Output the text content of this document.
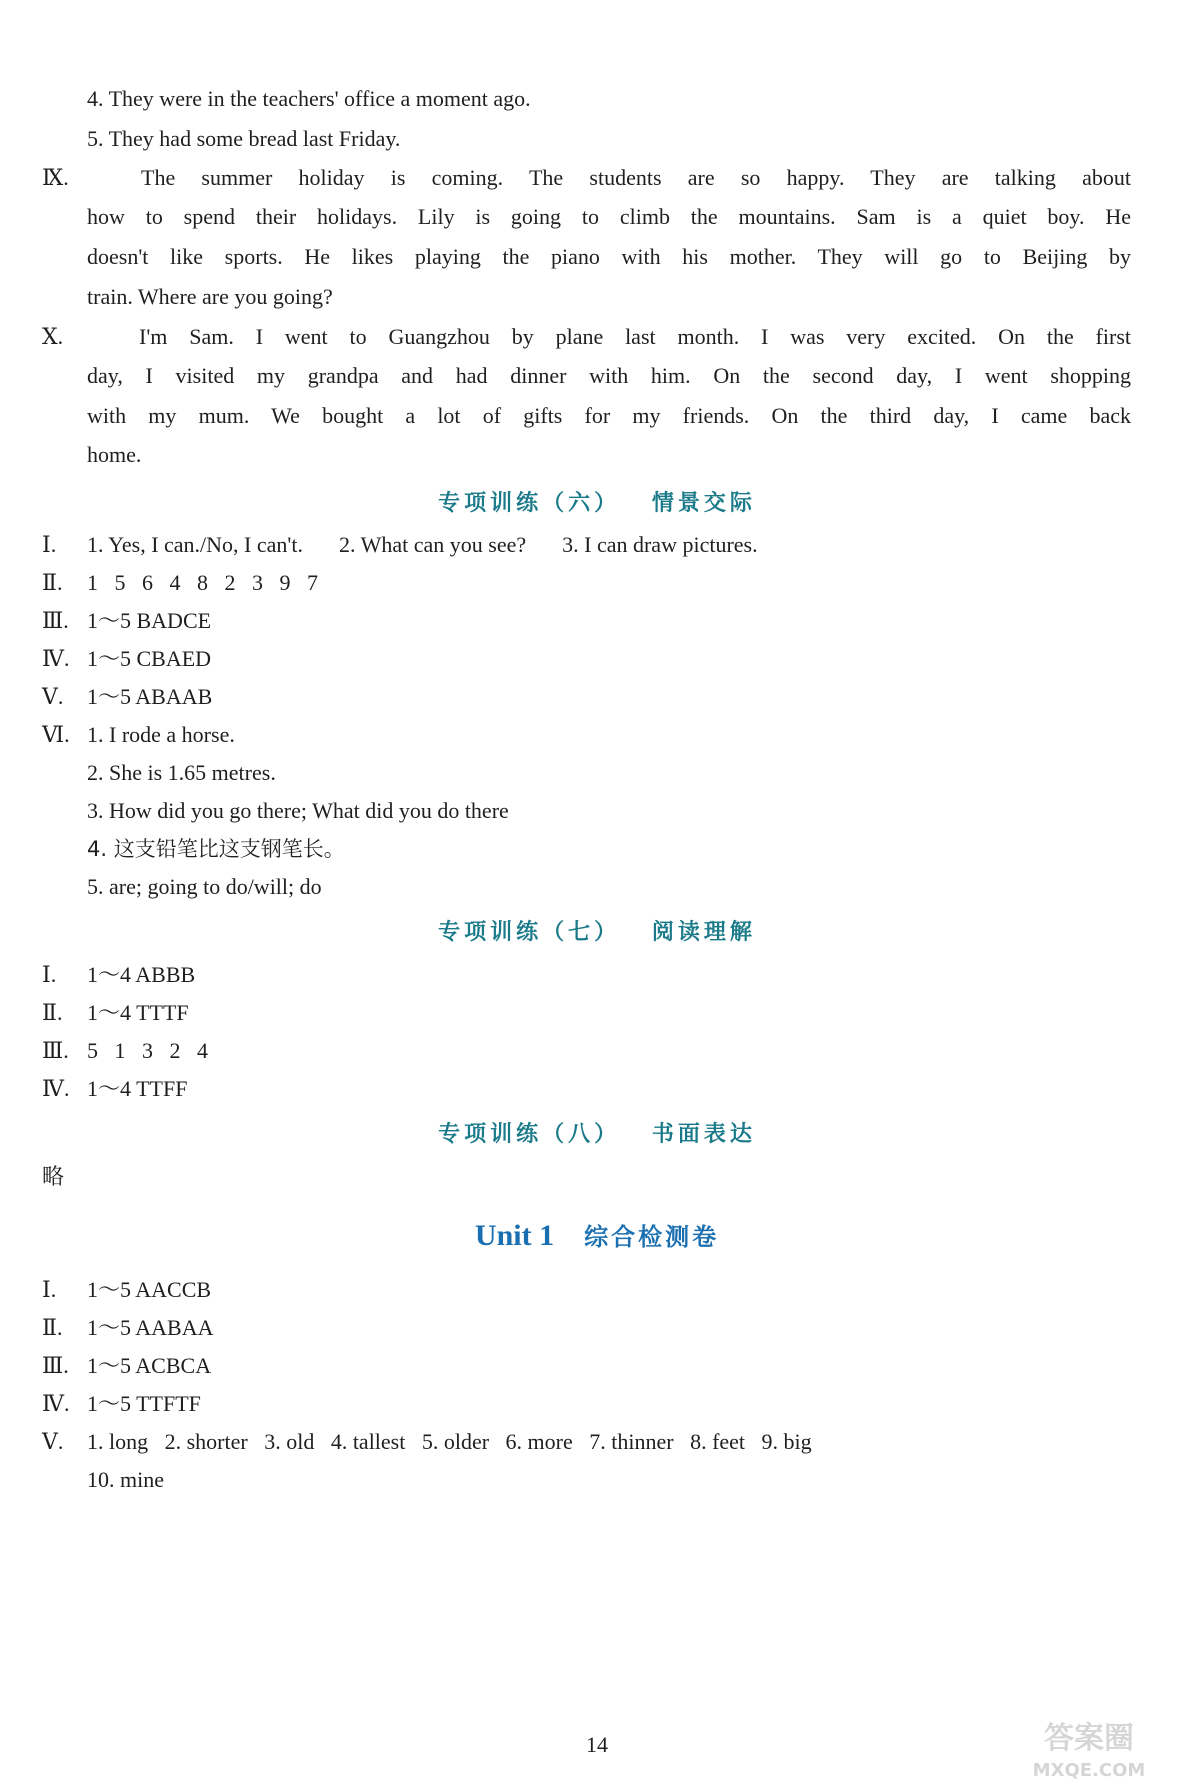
4. They were in the teachers' office a moment ago.
5. They had some bread last Friday.
Ⅸ.	The summer holiday is coming. The students are so happy. They are talking about
how to spend their holidays. Lily is going to climb the mountains. Sam is a quiet boy. He
doesn't like sports. He likes playing the piano with his mother. They will go to Beijing by
train. Where are you going?
Ⅹ.	I'm Sam. I went to Guangzhou by plane last month. I was very excited. On the first
day, I visited my grandpa and had dinner with him. On the second day, I went shopping
with my mum. We bought a lot of gifts for my friends. On the third day, I came back
home.
专项训练（六） 情景交际
Ⅰ. 1. Yes, I can./No, I can't. 2. What can you see? 3. I can draw pictures.
Ⅱ. 1   5   6   4   8   2   3   9   7
Ⅲ. 1～5 BADCE
Ⅳ. 1～5 CBAED
Ⅴ. 1～5 ABAAB
Ⅵ. 1. I rode a horse.
2. She is 1.65 metres.
3. How did you go there; What did you do there
4. 这支铅笔比这支钢笔长。
5. are; going to do/will; do
专项训练（七） 阅读理解
Ⅰ. 1～4 ABBB
Ⅱ. 1～4 TTTF
Ⅲ. 5   1   3   2   4
Ⅳ. 1～4 TTFF
专项训练（八） 书面表达
略
Unit 1 综合检测卷
Ⅰ. 1～5 AACCB
Ⅱ. 1～5 AABAA
Ⅲ. 1～5 ACBCA
Ⅳ. 1～5 TTFTF
Ⅴ. 1. long   2. shorter   3. old   4. tallest   5. older   6. more   7. thinner   8. feet   9. big
10. mine
14	答案圈
MXQE.COM
